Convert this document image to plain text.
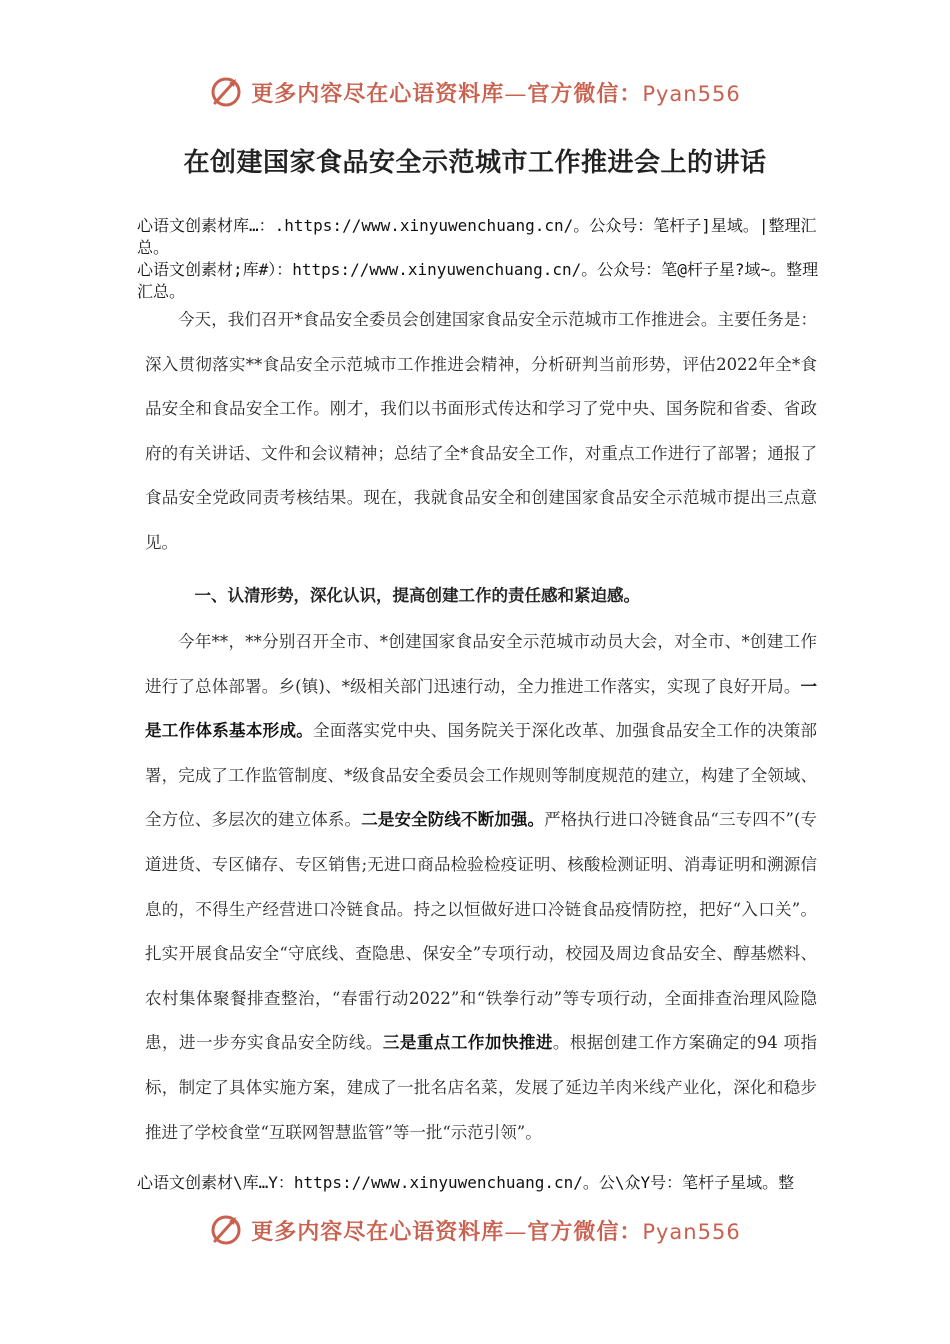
更多内容尽在心语资料库—官方微信：Pyan556
在创建国家食品安全示范城市工作推进会上的讲话
心语文创素材库…：.https://www.xinyuwenchuang.cn/。公众号：笔杆子]星域。|整理汇总。
心语文创素材;库#）：https://www.xinyuwenchuang.cn/。公众号：笔@杆子星?域~。整理汇总。
今天，我们召开*食品安全委员会创建国家食品安全示范城市工作推进会。主要任务是：深入贯彻落实**食品安全示范城市工作推进会精神，分析研判当前形势，评估2022年全*食品安全和食品安全工作。刚才，我们以书面形式传达和学习了党中央、国务院和省委、省政府的有关讲话、文件和会议精神；总结了全*食品安全工作，对重点工作进行了部署；通报了食品安全党政同责考核结果。现在，我就食品安全和创建国家食品安全示范城市提出三点意见。
一、认清形势，深化认识，提高创建工作的责任感和紧迫感。
今年**，**分别召开全市、*创建国家食品安全示范城市动员大会，对全市、*创建工作进行了总体部署。乡(镇)、*级相关部门迅速行动，全力推进工作落实，实现了良好开局。一是工作体系基本形成。全面落实党中央、国务院关于深化改革、加强食品安全工作的决策部署，完成了工作监管制度、*级食品安全委员会工作规则等制度规范的建立，构建了全领域、全方位、多层次的建立体系。二是安全防线不断加强。严格执行进口冷链食品“三专四不”(专道进货、专区储存、专区销售;无进口商品检验检疫证明、核酸检测证明、消毒证明和溯源信息的，不得生产经营进口冷链食品。持之以恒做好进口冷链食品疫情防控，把好“入口关”。扎实开展食品安全“守底线、查隐患、保安全”专项行动，校园及周边食品安全、醇基燃料、农村集体聚餐排查整治，“春雷行动2022”和“铁拳行动”等专项行动，全面排查治理风险隐患，进一步夯实食品安全防线。三是重点工作加快推进。根据创建工作方案确定的94 项指标，制定了具体实施方案，建成了一批名店名菜，发展了延边羊肉米线产业化，深化和稳步推进了学校食堂“互联网智慧监管”等一批“示范引领”。
心语文创素材\库…Y：https://www.xinyuwenchuang.cn/。公\众Y号：笔杆子星域。整
更多内容尽在心语资料库—官方微信：Pyan556
